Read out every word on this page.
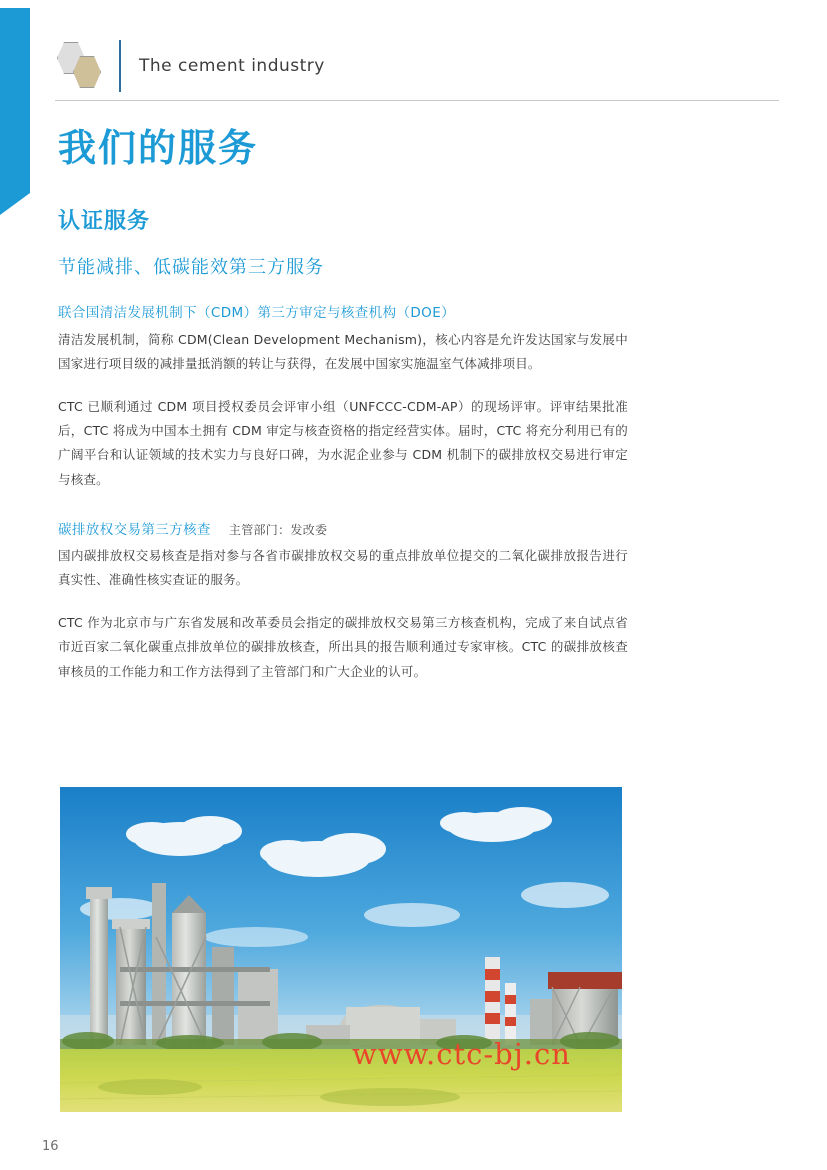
The cement industry
我们的服务
认证服务
节能减排、低碳能效第三方服务
联合国清洁发展机制下（CDM）第三方审定与核查机构（DOE）

清洁发展机制，简称 CDM(Clean Development Mechanism)，核心内容是允许发达国家与发展中国家进行项目级的减排量抵消额的转让与获得，在发展中国家实施温室气体减排项目。

CTC 已顺利通过 CDM 项目授权委员会评审小组（UNFCCC-CDM-AP）的现场评审。评审结果批准后，CTC 将成为中国本土拥有 CDM 审定与核查资格的指定经营实体。届时，CTC 将充分利用已有的广阔平台和认证领域的技术实力与良好口碑，为水泥企业参与 CDM 机制下的碳排放权交易进行审定与核查。

碳排放权交易第三方核查 主管部门：发改委

国内碳排放权交易核查是指对参与各省市碳排放权交易的重点排放单位提交的二氧化碳排放报告进行真实性、准确性核实查证的服务。

CTC 作为北京市与广东省发展和改革委员会指定的碳排放权交易第三方核查机构，完成了来自试点省市近百家二氧化碳重点排放单位的碳排放核查，所出具的报告顺利通过专家审核。CTC 的碳排放核查审核员的工作能力和工作方法得到了主管部门和广大企业的认可。

www.ctc-bj.cn
16
